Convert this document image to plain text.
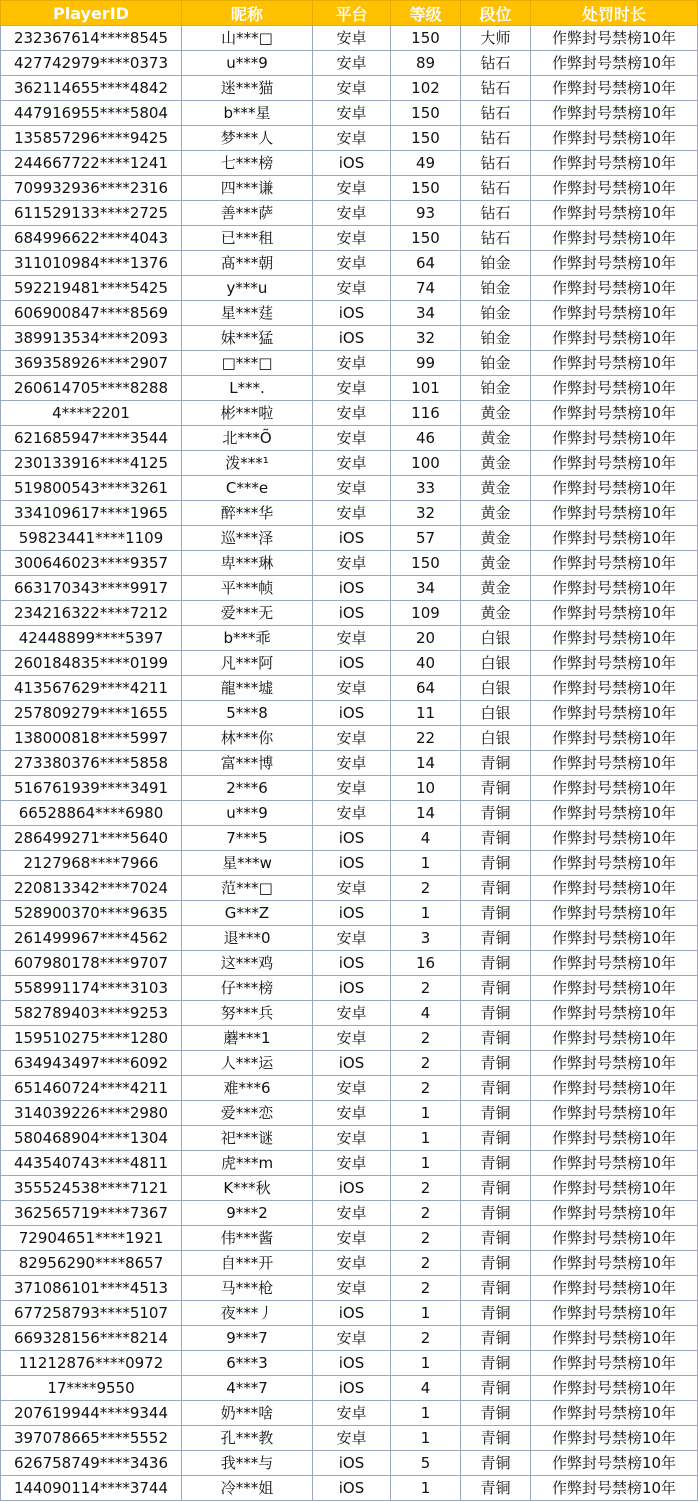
PlayerID	昵称	平台	等级	段位	处罚时长
232367614****8545	山***□	安卓	150	大师	作弊封号禁榜10年
427742979****0373	u***9	安卓	89	钻石	作弊封号禁榜10年
362114655****4842	迷***猫	安卓	102	钻石	作弊封号禁榜10年
447916955****5804	b***星	安卓	150	钻石	作弊封号禁榜10年
135857296****9425	梦***人	安卓	150	钻石	作弊封号禁榜10年
244667722****1241	七***榜	iOS	49	钻石	作弊封号禁榜10年
709932936****2316	四***谦	安卓	150	钻石	作弊封号禁榜10年
611529133****2725	善***萨	安卓	93	钻石	作弊封号禁榜10年
684996622****4043	已***租	安卓	150	钻石	作弊封号禁榜10年
311010984****1376	髙***朝	安卓	64	铂金	作弊封号禁榜10年
592219481****5425	y***u	安卓	74	铂金	作弊封号禁榜10年
606900847****8569	星***莛	iOS	34	铂金	作弊封号禁榜10年
389913534****2093	妹***猛	iOS	32	铂金	作弊封号禁榜10年
369358926****2907	□***□	安卓	99	铂金	作弊封号禁榜10年
260614705****8288	L***.	安卓	101	铂金	作弊封号禁榜10年
4****2201	彬***啦	安卓	116	黄金	作弊封号禁榜10年
621685947****3544	北***Õ	安卓	46	黄金	作弊封号禁榜10年
230133916****4125	泼***¹	安卓	100	黄金	作弊封号禁榜10年
519800543****3261	C***e	安卓	33	黄金	作弊封号禁榜10年
334109617****1965	醉***华	安卓	32	黄金	作弊封号禁榜10年
59823441****1109	巡***泽	iOS	57	黄金	作弊封号禁榜10年
300646023****9357	卑***琳	安卓	150	黄金	作弊封号禁榜10年
663170343****9917	平***帧	iOS	34	黄金	作弊封号禁榜10年
234216322****7212	爱***无	iOS	109	黄金	作弊封号禁榜10年
42448899****5397	b***乖	安卓	20	白银	作弊封号禁榜10年
260184835****0199	凡***阿	iOS	40	白银	作弊封号禁榜10年
413567629****4211	龍***墟	安卓	64	白银	作弊封号禁榜10年
257809279****1655	5***8	iOS	11	白银	作弊封号禁榜10年
138000818****5997	林***你	安卓	22	白银	作弊封号禁榜10年
273380376****5858	富***博	安卓	14	青铜	作弊封号禁榜10年
516761939****3491	2***6	安卓	10	青铜	作弊封号禁榜10年
66528864****6980	u***9	安卓	14	青铜	作弊封号禁榜10年
286499271****5640	7***5	iOS	4	青铜	作弊封号禁榜10年
2127968****7966	星***w	iOS	1	青铜	作弊封号禁榜10年
220813342****7024	范***□	安卓	2	青铜	作弊封号禁榜10年
528900370****9635	G***Z	iOS	1	青铜	作弊封号禁榜10年
261499967****4562	退***0	安卓	3	青铜	作弊封号禁榜10年
607980178****9707	这***鸡	iOS	16	青铜	作弊封号禁榜10年
558991174****3103	仔***榜	iOS	2	青铜	作弊封号禁榜10年
582789403****9253	努***兵	安卓	4	青铜	作弊封号禁榜10年
159510275****1280	蘑***1	安卓	2	青铜	作弊封号禁榜10年
634943497****6092	人***运	iOS	2	青铜	作弊封号禁榜10年
651460724****4211	难***6	安卓	2	青铜	作弊封号禁榜10年
314039226****2980	爱***恋	安卓	1	青铜	作弊封号禁榜10年
580468904****1304	祀***谜	安卓	1	青铜	作弊封号禁榜10年
443540743****4811	虎***m	安卓	1	青铜	作弊封号禁榜10年
355524538****7121	K***秋	iOS	2	青铜	作弊封号禁榜10年
362565719****7367	9***2	安卓	2	青铜	作弊封号禁榜10年
72904651****1921	伟***酱	安卓	2	青铜	作弊封号禁榜10年
82956290****8657	自***开	安卓	2	青铜	作弊封号禁榜10年
371086101****4513	马***枪	安卓	2	青铜	作弊封号禁榜10年
677258793****5107	夜***丿	iOS	1	青铜	作弊封号禁榜10年
669328156****8214	9***7	安卓	2	青铜	作弊封号禁榜10年
11212876****0972	6***3	iOS	1	青铜	作弊封号禁榜10年
17****9550	4***7	iOS	4	青铜	作弊封号禁榜10年
207619944****9344	奶***啥	安卓	1	青铜	作弊封号禁榜10年
397078665****5552	孔***教	安卓	1	青铜	作弊封号禁榜10年
626758749****3436	我***与	iOS	5	青铜	作弊封号禁榜10年
144090114****3744	冷***姐	iOS	1	青铜	作弊封号禁榜10年
